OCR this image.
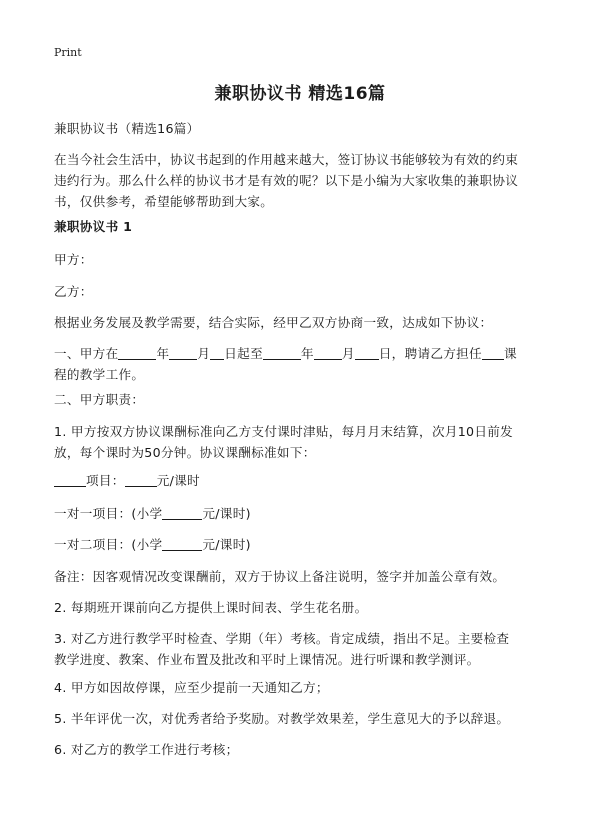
Print
兼职协议书 精选16篇
兼职协议书（精选16篇）
在当今社会生活中，协议书起到的作用越来越大，签订协议书能够较为有效的约束
违约行为。那么什么样的协议书才是有效的呢？以下是小编为大家收集的兼职协议
书，仅供参考，希望能够帮助到大家。
兼职协议书 1
甲方：
乙方：
根据业务发展及教学需要，结合实际，经甲乙双方协商一致，达成如下协议：
一、甲方在	年 月 日起至	年 月 日，聘请乙方担任 课
程的教学工作。
二、甲方职责：
1. 甲方按双方协议课酬标准向乙方支付课时津贴，每月月末结算，次月10日前发
放，每个课时为50分钟。协议课酬标准如下：
项目：	元/课时
一对一项目：(小学	元/课时)
一对二项目：(小学	元/课时)
备注：因客观情况改变课酬前，双方于协议上备注说明，签字并加盖公章有效。
2. 每期班开课前向乙方提供上课时间表、学生花名册。
3. 对乙方进行教学平时检查、学期（年）考核。肯定成绩，指出不足。主要检查
教学进度、教案、作业布置及批改和平时上课情况。进行听课和教学测评。
4. 甲方如因故停课，应至少提前一天通知乙方；
5. 半年评优一次，对优秀者给予奖励。对教学效果差，学生意见大的予以辞退。
6. 对乙方的教学工作进行考核；
